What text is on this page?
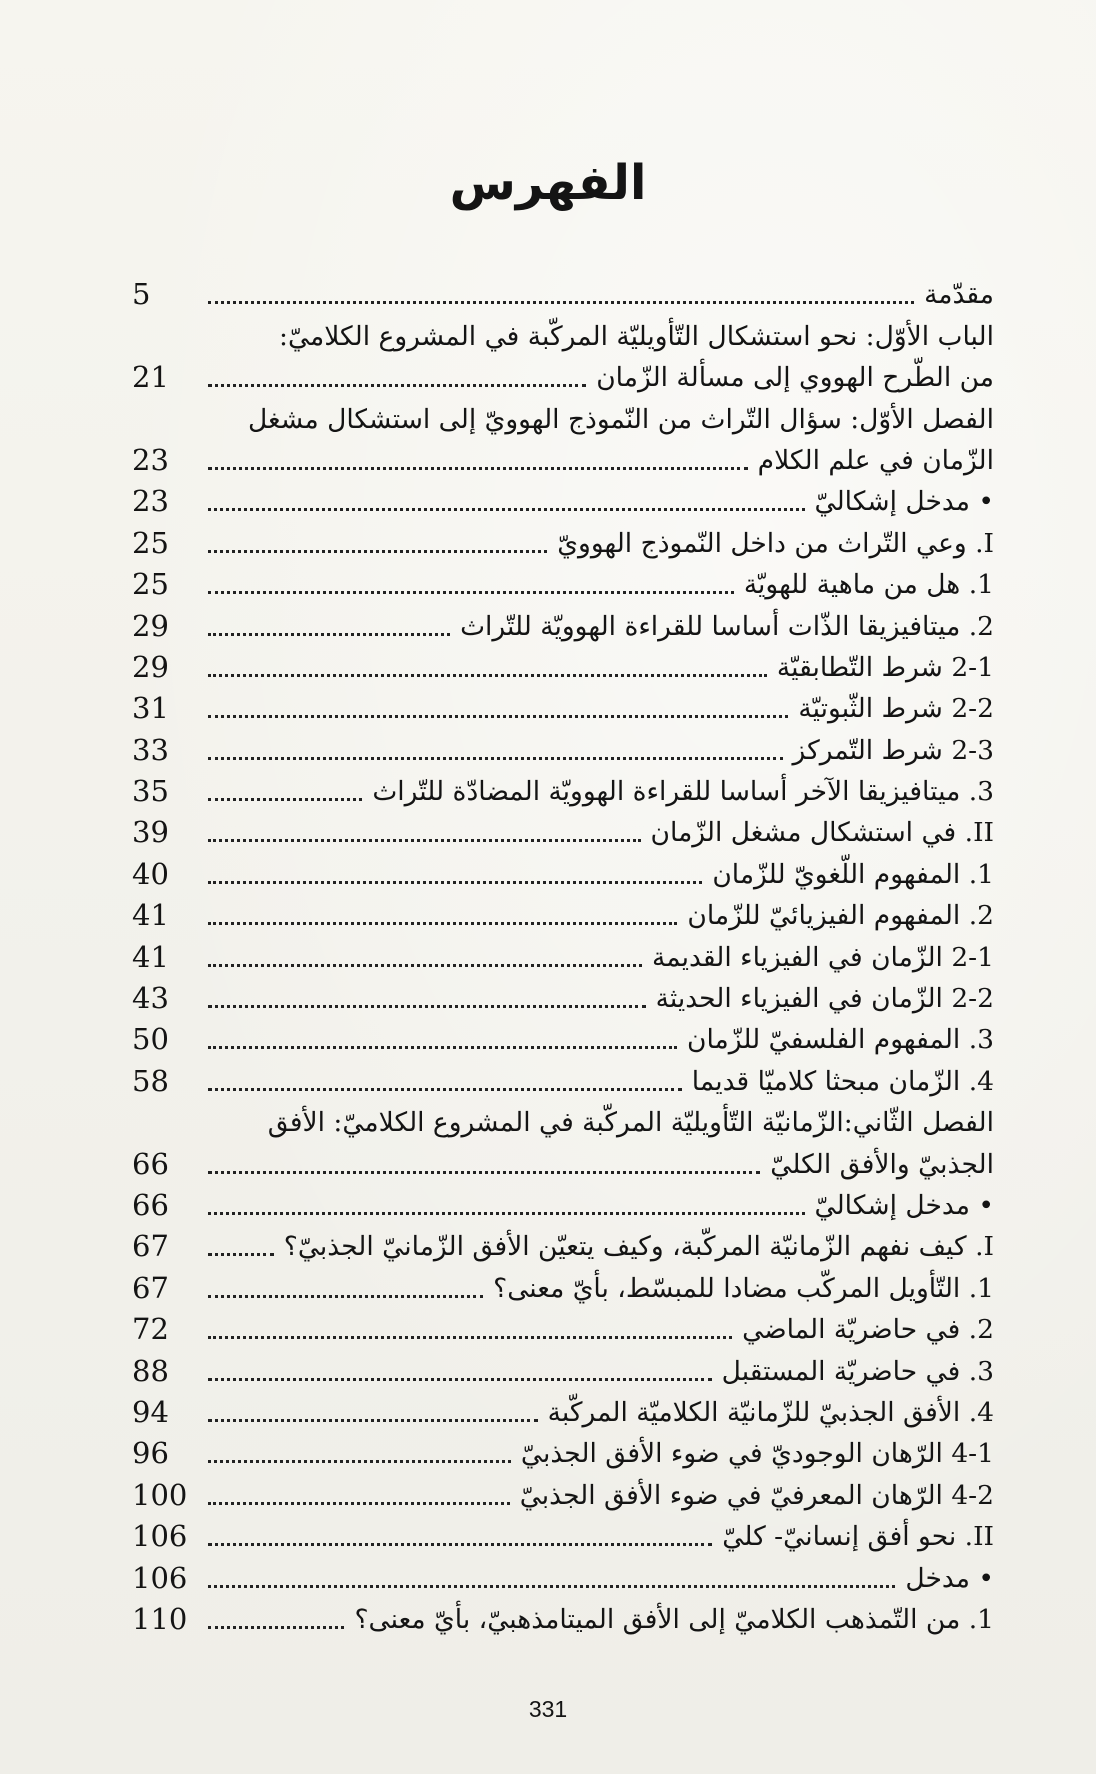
الفهرس
مقدّمة
5
الباب الأوّل: نحو استشكال التّأويليّة المركّبة في المشروع الكلاميّ:
من الطّرح الهووي إلى مسألة الزّمان
21
الفصل الأوّل: سؤال التّراث من النّموذج الهوويّ إلى استشكال مشغل
الزّمان في علم الكلام
23
• مدخل إشكاليّ
23
I. وعي التّراث من داخل النّموذج الهوويّ
25
1. هل من ماهية للهويّة
25
2. ميتافيزيقا الذّات أساسا للقراءة الهوويّة للتّراث
29
2-1 شرط التّطابقيّة
29
2-2 شرط الثّبوتيّة
31
2-3 شرط التّمركز
33
3. ميتافيزيقا الآخر أساسا للقراءة الهوويّة المضادّة للتّراث
35
II. في استشكال مشغل الزّمان
39
1. المفهوم اللّغويّ للزّمان
40
2. المفهوم الفيزيائيّ للزّمان
41
2-1 الزّمان في الفيزياء القديمة
41
2-2 الزّمان في الفيزياء الحديثة
43
3. المفهوم الفلسفيّ للزّمان
50
4. الزّمان مبحثا كلاميّا قديما
58
الفصل الثّاني:الزّمانيّة التّأويليّة المركّبة في المشروع الكلاميّ: الأفق
الجذبيّ والأفق الكليّ
66
• مدخل إشكاليّ
66
I. كيف نفهم الزّمانيّة المركّبة، وكيف يتعيّن الأفق الزّمانيّ الجذبيّ؟
67
1. التّأويل المركّب مضادا للمبسّط، بأيّ معنى؟
67
2. في حاضريّة الماضي
72
3. في حاضريّة المستقبل
88
4. الأفق الجذبيّ للزّمانيّة الكلاميّة المركّبة
94
4-1 الرّهان الوجوديّ في ضوء الأفق الجذبيّ
96
4-2 الرّهان المعرفيّ في ضوء الأفق الجذبيّ
100
II. نحو أفق إنسانيّ- كليّ
106
• مدخل
106
1. من التّمذهب الكلاميّ إلى الأفق الميتامذهبيّ، بأيّ معنى؟
110
331
